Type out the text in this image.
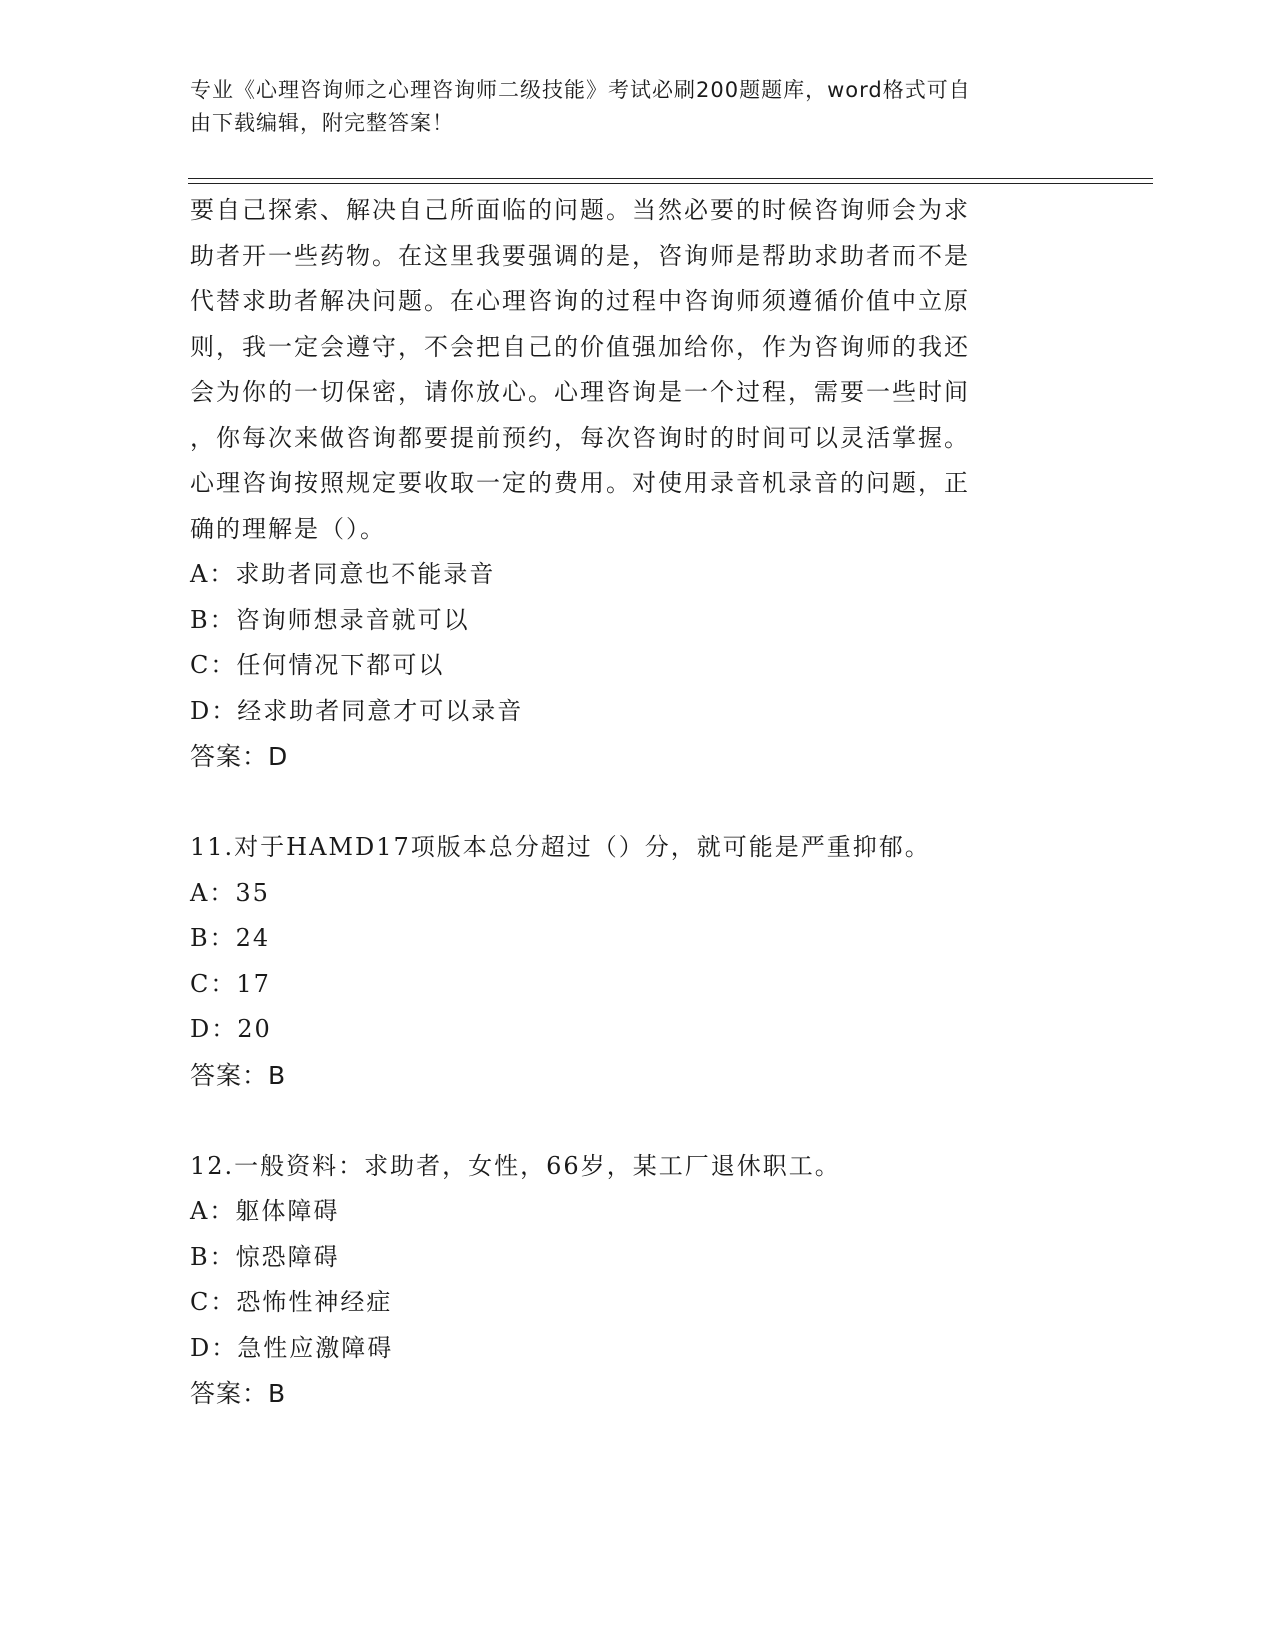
专业《心理咨询师之心理咨询师二级技能》考试必刷200题题库，word格式可自
由下载编辑，附完整答案！
要自己探索、解决自己所面临的问题。当然必要的时候咨询师会为求
助者开一些药物。在这里我要强调的是，咨询师是帮助求助者而不是
代替求助者解决问题。在心理咨询的过程中咨询师须遵循价值中立原
则，我一定会遵守，不会把自己的价值强加给你，作为咨询师的我还
会为你的一切保密，请你放心。心理咨询是一个过程，需要一些时间
，你每次来做咨询都要提前预约，每次咨询时的时间可以灵活掌握。
心理咨询按照规定要收取一定的费用。对使用录音机录音的问题，正
确的理解是（）。
A：求助者同意也不能录音
B：咨询师想录音就可以
C：任何情况下都可以
D：经求助者同意才可以录音
答案：D
11.对于HAMD17项版本总分超过（）分，就可能是严重抑郁。
A：35
B：24
C：17
D：20
答案：B
12.一般资料：求助者，女性，66岁，某工厂退休职工。
A：躯体障碍
B：惊恐障碍
C：恐怖性神经症
D：急性应激障碍
答案：B
